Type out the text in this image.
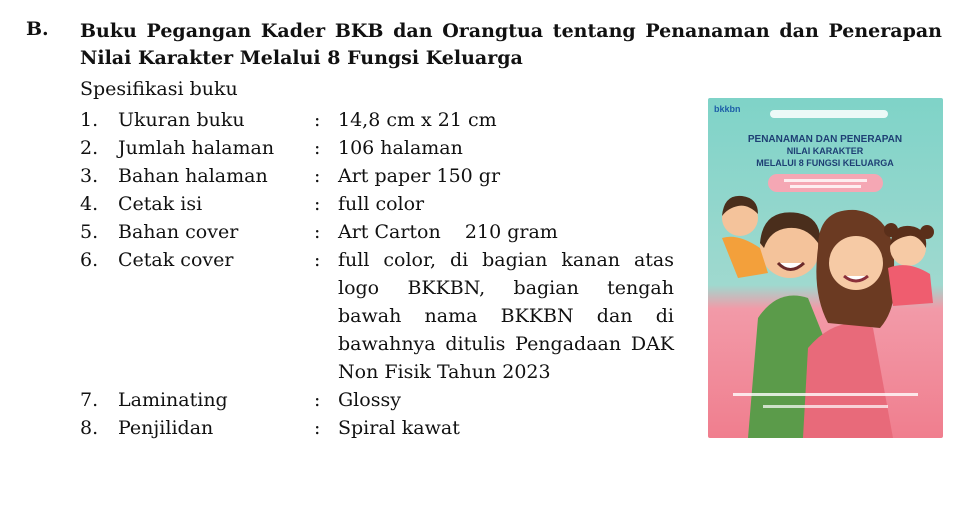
B. Buku Pegangan Kader BKB dan Orangtua tentang Penanaman dan Penerapan Nilai Karakter Melalui 8 Fungsi Keluarga
Spesifikasi buku
1.	Ukuran buku	: 14,8 cm x 21 cm
2.	Jumlah halaman	: 106 halaman
3.	Bahan halaman	: Art paper 150 gr
4.	Cetak isi	: full color
5.	Bahan cover	: Art Carton    210 gram
6.	Cetak cover	: full color, di bagian kanan atas logo BKKBN, bagian tengah bawah nama BKKBN dan di bawahnya ditulis Pengadaan DAK Non Fisik Tahun 2023
7.	Laminating	: Glossy
8.	Penjilidan	: Spiral kawat
bkkbn
PENANAMAN DAN PENERAPAN
NILAI KARAKTER
MELALUI 8 FUNGSI KELUARGA
